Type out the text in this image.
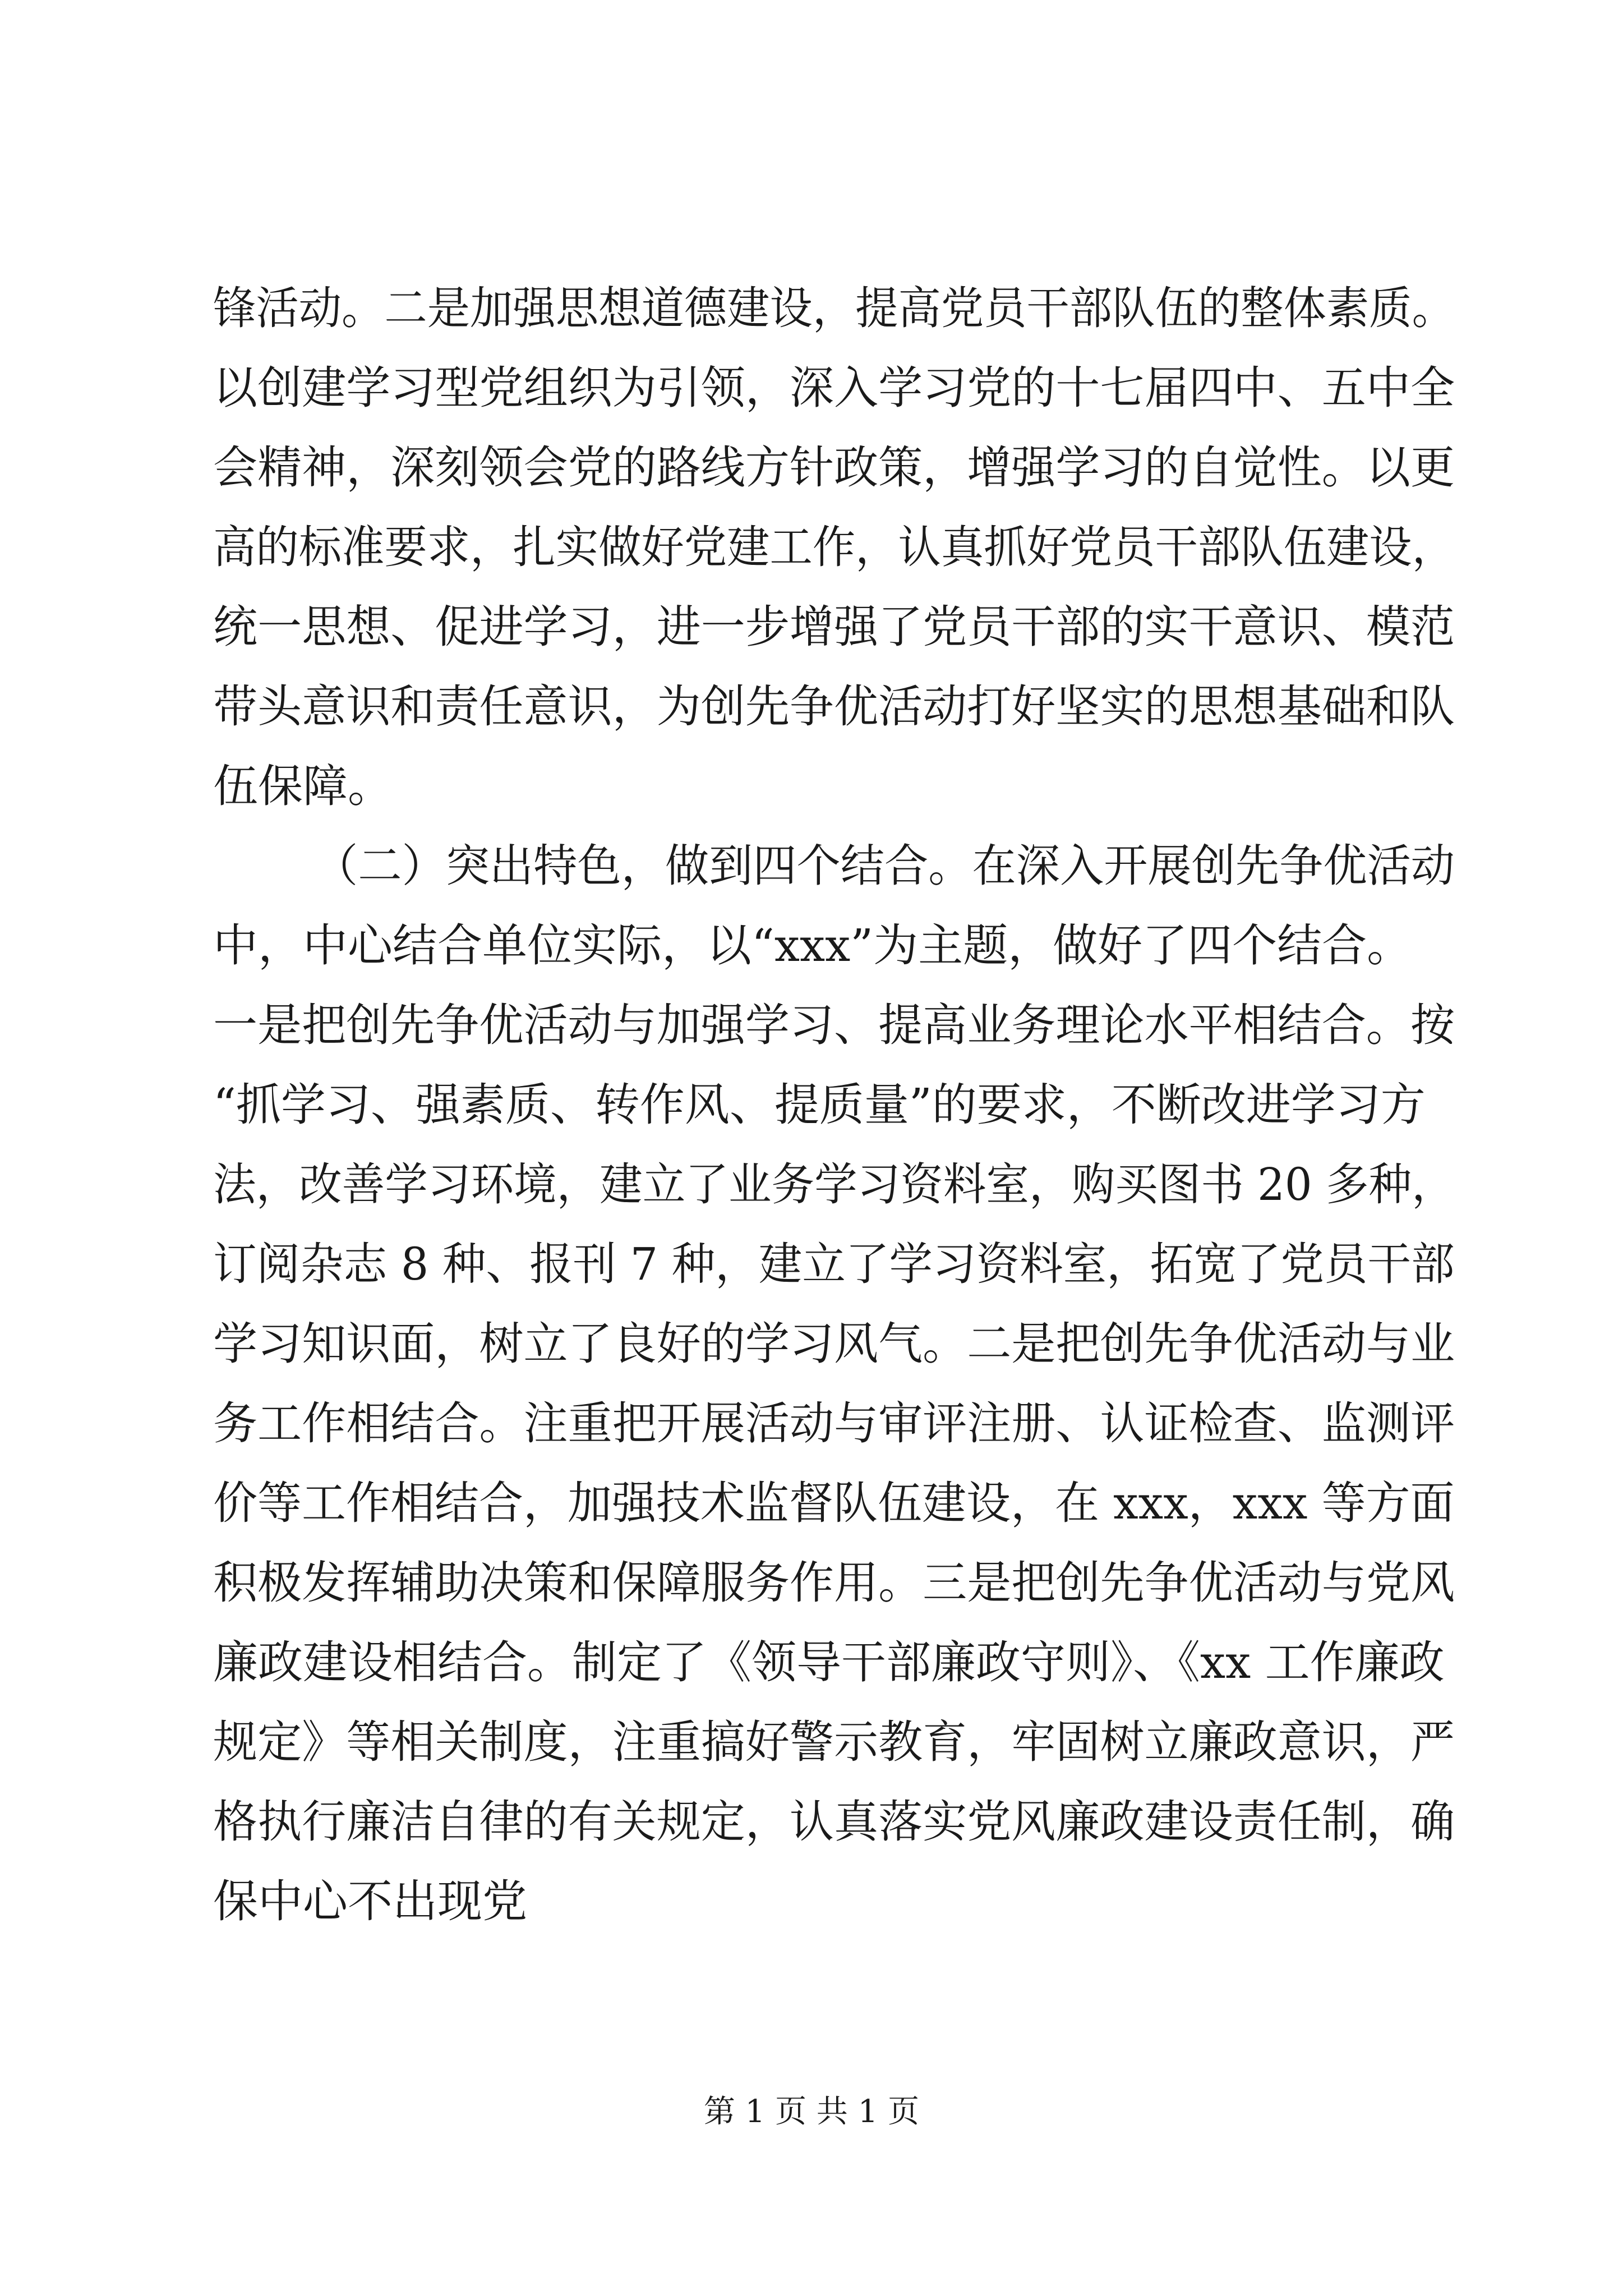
锋活动。二是加强思想道德建设，提高党员干部队伍的整体素质。
以创建学习型党组织为引领，深入学习党的十七届四中、五中全
会精神，深刻领会党的路线方针政策，增强学习的自觉性。以更
高的标准要求，扎实做好党建工作，认真抓好党员干部队伍建设，
统一思想、促进学习，进一步增强了党员干部的实干意识、模范
带头意识和责任意识，为创先争优活动打好坚实的思想基础和队
伍保障。
（二）突出特色，做到四个结合。在深入开展创先争优活动
中，中心结合单位实际，以“xxx”为主题，做好了四个结合。
一是把创先争优活动与加强学习、提高业务理论水平相结合。按
“抓学习、强素质、转作风、提质量”的要求，不断改进学习方
法，改善学习环境，建立了业务学习资料室，购买图书 20 多种，
订阅杂志 8 种、报刊 7 种，建立了学习资料室，拓宽了党员干部
学习知识面，树立了良好的学习风气。二是把创先争优活动与业
务工作相结合。注重把开展活动与审评注册、认证检查、监测评
价等工作相结合，加强技术监督队伍建设，在 xxx，xxx 等方面
积极发挥辅助决策和保障服务作用。三是把创先争优活动与党风
廉政建设相结合。制定了《领导干部廉政守则》、《xx 工作廉政
规定》等相关制度，注重搞好警示教育，牢固树立廉政意识，严
格执行廉洁自律的有关规定，认真落实党风廉政建设责任制，确
保中心不出现党
第 1 页 共 1 页
